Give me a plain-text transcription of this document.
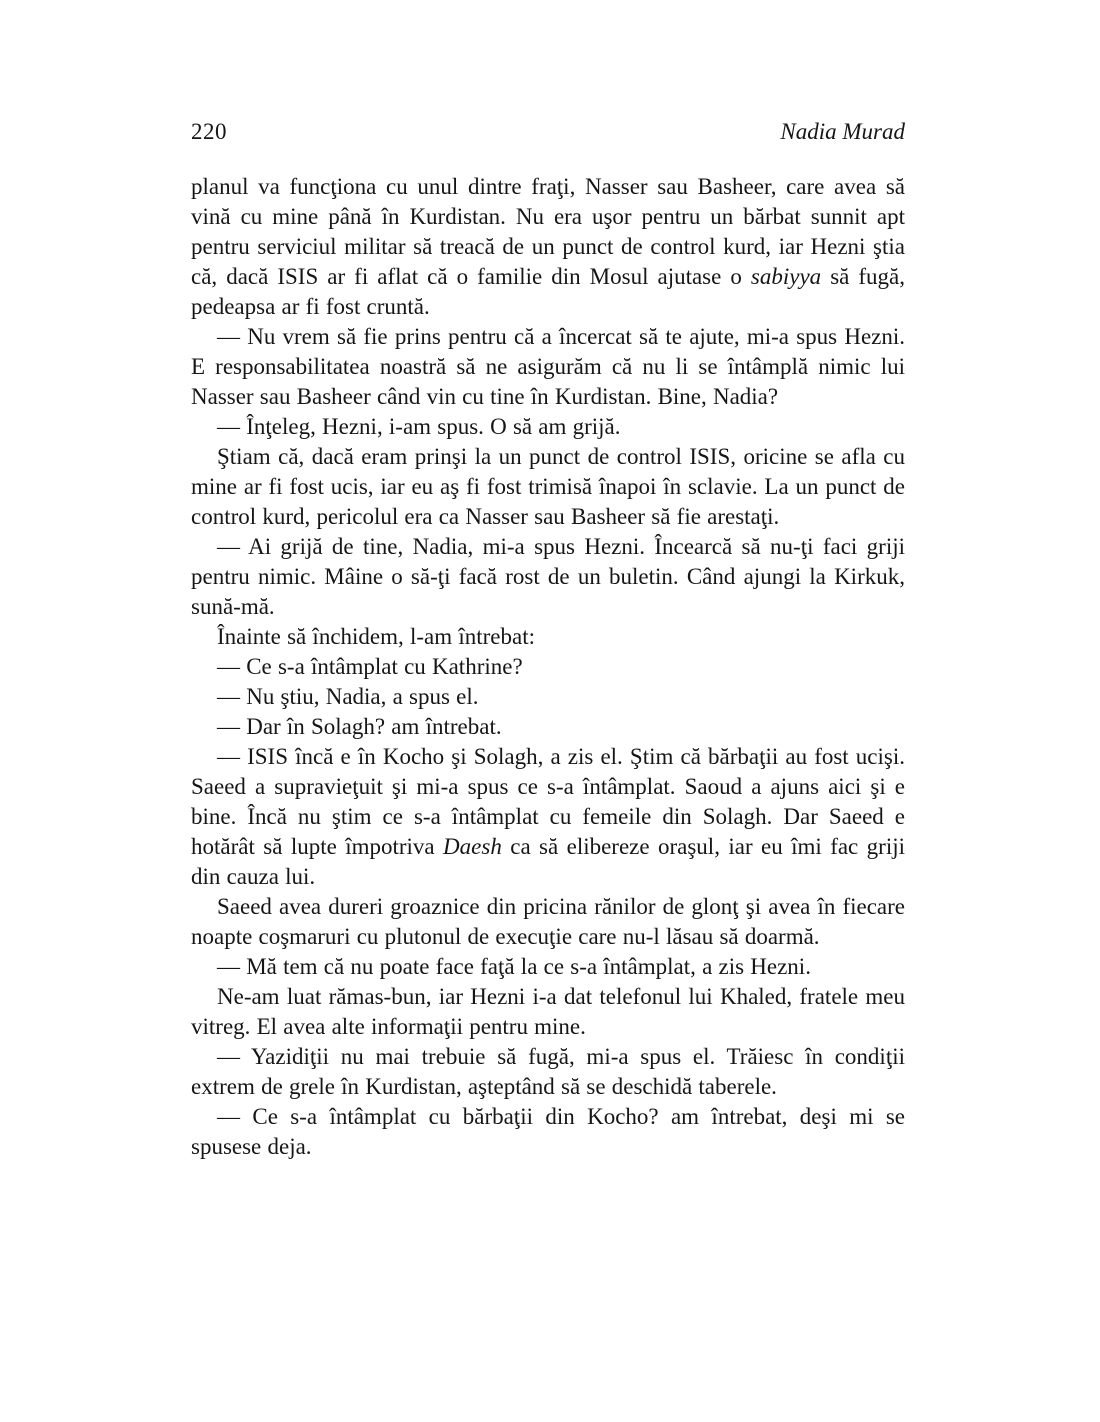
220	Nadia Murad

planul va funcţiona cu unul dintre fraţi, Nasser sau Basheer, care avea să vină cu mine până în Kurdistan. Nu era uşor pentru un bărbat sunnit apt pentru serviciul militar să treacă de un punct de control kurd, iar Hezni ştia că, dacă ISIS ar fi aflat că o familie din Mosul ajutase o sabiyya să fugă, pedeapsa ar fi fost cruntă.

— Nu vrem să fie prins pentru că a încercat să te ajute, mi-a spus Hezni. E responsabilitatea noastră să ne asigurăm că nu li se întâmplă nimic lui Nasser sau Basheer când vin cu tine în Kurdistan. Bine, Nadia?

— Înţeleg, Hezni, i-am spus. O să am grijă.

Ştiam că, dacă eram prinşi la un punct de control ISIS, oricine se afla cu mine ar fi fost ucis, iar eu aş fi fost trimisă înapoi în sclavie. La un punct de control kurd, pericolul era ca Nasser sau Basheer să fie arestaţi.

— Ai grijă de tine, Nadia, mi-a spus Hezni. Încearcă să nu-ţi faci griji pentru nimic. Mâine o să-ţi facă rost de un buletin. Când ajungi la Kirkuk, sună-mă.

Înainte să închidem, l-am întrebat:

— Ce s-a întâmplat cu Kathrine?

— Nu ştiu, Nadia, a spus el.

— Dar în Solagh? am întrebat.

— ISIS încă e în Kocho şi Solagh, a zis el. Ştim că bărbaţii au fost ucişi. Saeed a supravieţuit şi mi-a spus ce s-a întâmplat. Saoud a ajuns aici şi e bine. Încă nu ştim ce s-a întâmplat cu femeile din Solagh. Dar Saeed e hotărât să lupte împotriva Daesh ca să elibereze oraşul, iar eu îmi fac griji din cauza lui.

Saeed avea dureri groaznice din pricina rănilor de glonţ şi avea în fiecare noapte coşmaruri cu plutonul de execuţie care nu-l lăsau să doarmă.

— Mă tem că nu poate face faţă la ce s-a întâmplat, a zis Hezni.

Ne-am luat rămas-bun, iar Hezni i-a dat telefonul lui Khaled, fratele meu vitreg. El avea alte informaţii pentru mine.

— Yazidiţii nu mai trebuie să fugă, mi-a spus el. Trăiesc în condiţii extrem de grele în Kurdistan, aşteptând să se deschidă taberele.

— Ce s-a întâmplat cu bărbaţii din Kocho? am întrebat, deşi mi se spusese deja.
